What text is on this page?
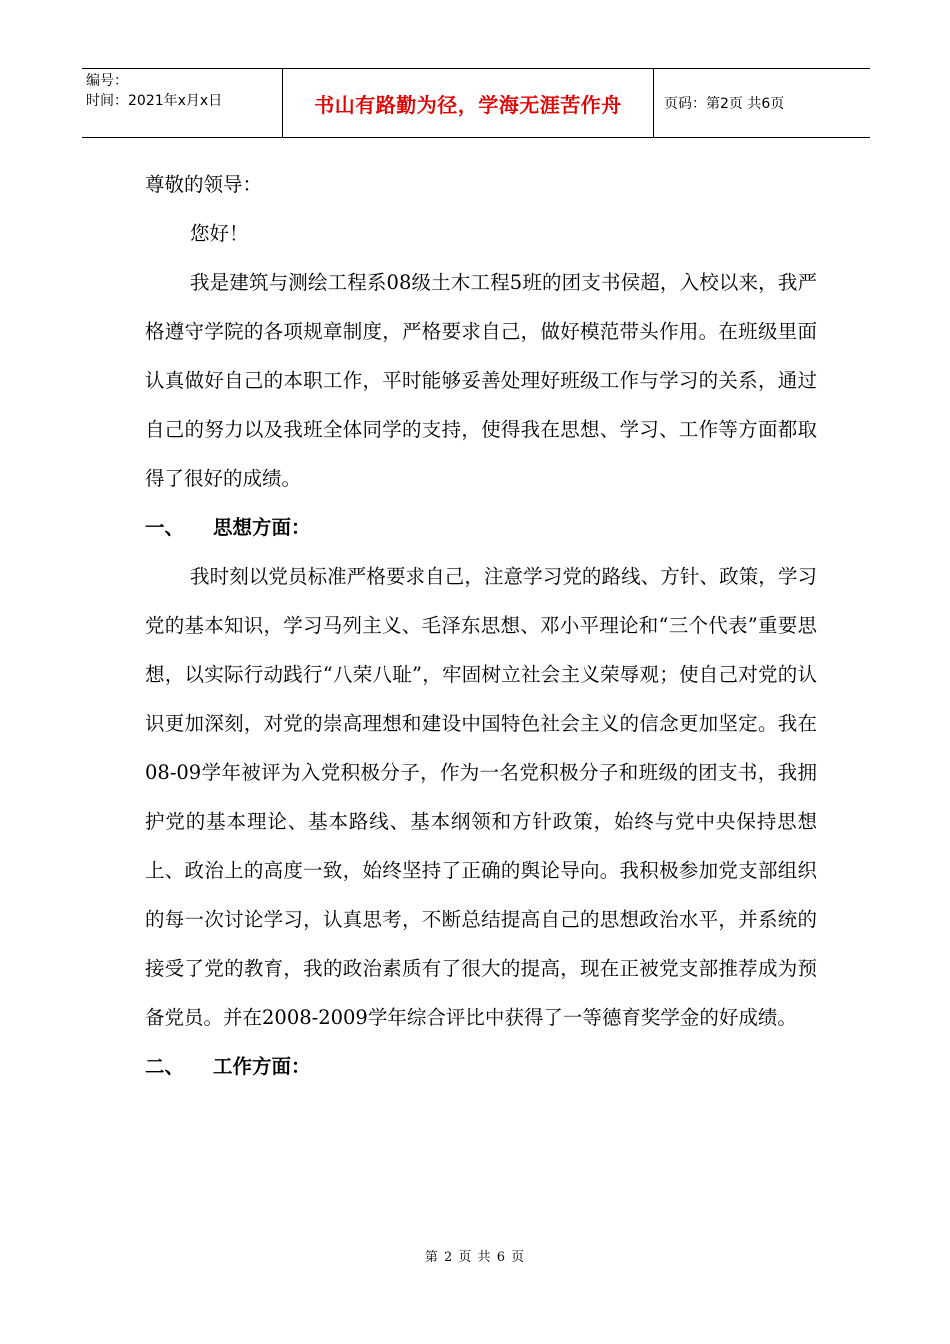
编号：
时间：2021年x月x日	书山有路勤为径，学海无涯苦作舟	页码：第2页 共6页

尊敬的领导：

您好！

我是建筑与测绘工程系08级土木工程5班的团支书侯超，入校以来，我严格遵守学院的各项规章制度，严格要求自己，做好模范带头作用。在班级里面认真做好自己的本职工作，平时能够妥善处理好班级工作与学习的关系，通过自己的努力以及我班全体同学的支持，使得我在思想、学习、工作等方面都取得了很好的成绩。

一、 思想方面：

我时刻以党员标准严格要求自己，注意学习党的路线、方针、政策，学习党的基本知识，学习马列主义、毛泽东思想、邓小平理论和“三个代表”重要思想，以实际行动践行“八荣八耻”，牢固树立社会主义荣辱观；使自己对党的认识更加深刻，对党的崇高理想和建设中国特色社会主义的信念更加坚定。我在08-09学年被评为入党积极分子，作为一名党积极分子和班级的团支书，我拥护党的基本理论、基本路线、基本纲领和方针政策，始终与党中央保持思想上、政治上的高度一致，始终坚持了正确的舆论导向。我积极参加党支部组织的每一次讨论学习，认真思考，不断总结提高自己的思想政治水平，并系统的接受了党的教育，我的政治素质有了很大的提高，现在正被党支部推荐成为预备党员。并在2008-2009学年综合评比中获得了一等德育奖学金的好成绩。

二、 工作方面：

第 2 页 共 6 页
